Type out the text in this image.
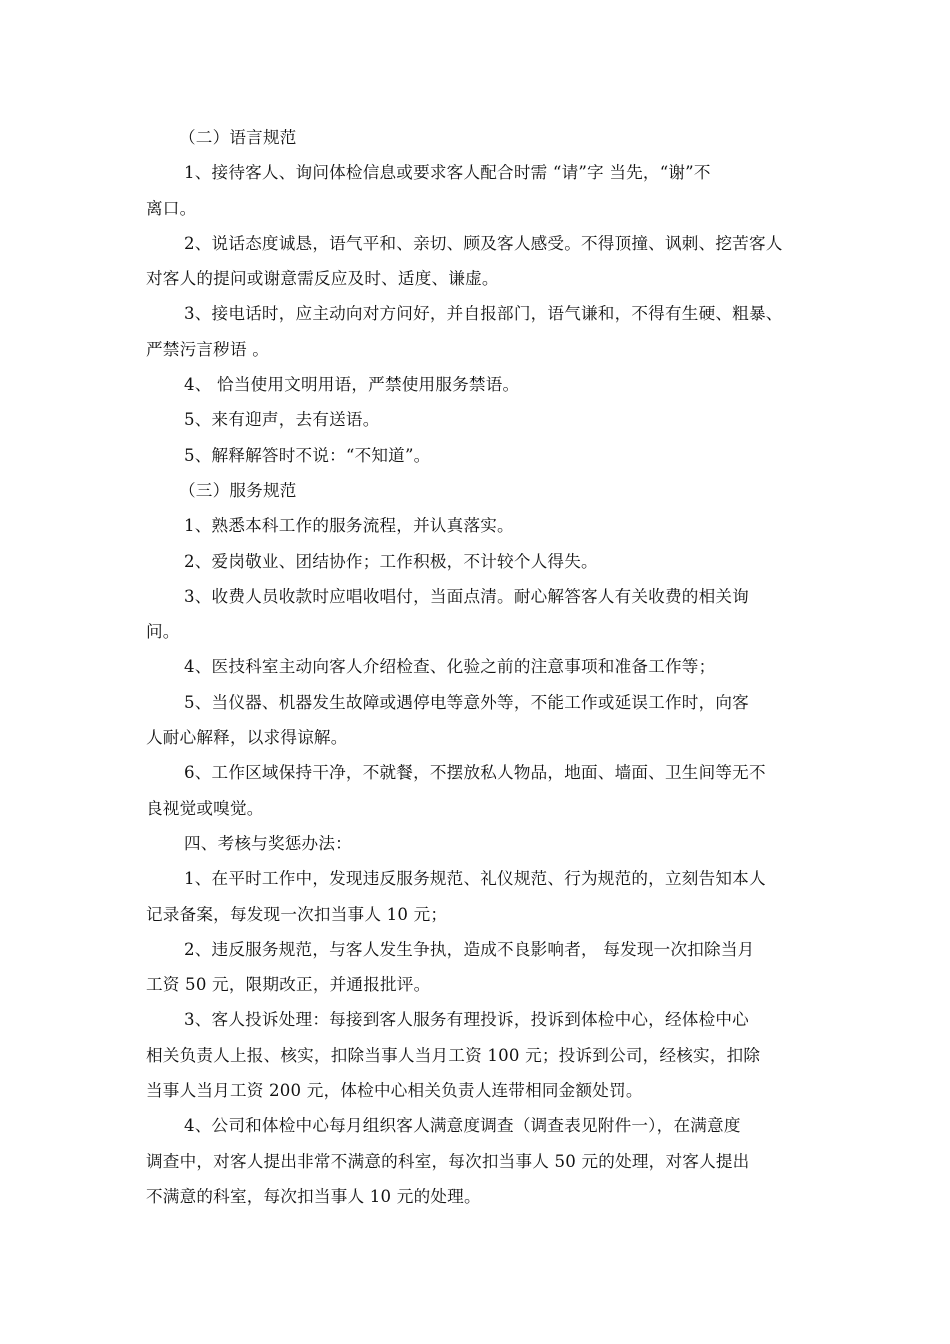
（二）语言规范
1、接待客人、询问体检信息或要求客人配合时需 “请”字 当先，“谢”不
离口。
2、说话态度诚恳，语气平和、亲切、顾及客人感受。不得顶撞、讽刺、挖苦客人
对客人的提问或谢意需反应及时、适度、谦虚。
3、接电话时，应主动向对方问好，并自报部门，语气谦和，不得有生硬、粗暴、
严禁污言秽语 。
4、 恰当使用文明用语，严禁使用服务禁语。
5、来有迎声，去有送语。
5、解释解答时不说：“不知道”。
（三）服务规范
1、熟悉本科工作的服务流程，并认真落实。
2、爱岗敬业、团结协作；工作积极，不计较个人得失。
3、收费人员收款时应唱收唱付，当面点清。耐心解答客人有关收费的相关询
问。
4、医技科室主动向客人介绍检查、化验之前的注意事项和准备工作等；
5、当仪器、机器发生故障或遇停电等意外等，不能工作或延误工作时，向客
人耐心解释，以求得谅解。
6、工作区域保持干净，不就餐，不摆放私人物品，地面、墙面、卫生间等无不
良视觉或嗅觉。
四、考核与奖惩办法：
1、在平时工作中，发现违反服务规范、礼仪规范、行为规范的，立刻告知本人
记录备案，每发现一次扣当事人 10 元；
2、违反服务规范，与客人发生争执，造成不良影响者， 每发现一次扣除当月
工资 50 元，限期改正，并通报批评。
3、客人投诉处理：每接到客人服务有理投诉，投诉到体检中心，经体检中心
相关负责人上报、核实，扣除当事人当月工资 100 元；投诉到公司，经核实，扣除
当事人当月工资 200 元，体检中心相关负责人连带相同金额处罚。
4、公司和体检中心每月组织客人满意度调查（调查表见附件一），在满意度
调查中，对客人提出非常不满意的科室，每次扣当事人 50 元的处理，对客人提出
不满意的科室，每次扣当事人 10 元的处理。
